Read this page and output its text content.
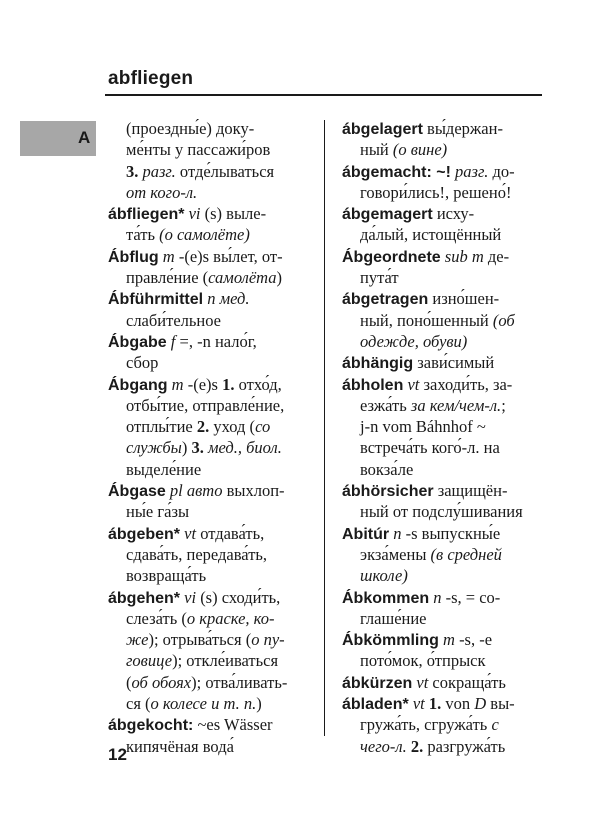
abfliegen
A	(проездны́е) доку-
ме́нты у пассажи́ров
3. разг. отде́лываться
от кого-л.
ábfliegen* vi (s) выле-
та́ть (о самолёте)
Ábflug m -(e)s вы́лет, от-
правле́ние (самолёта)
Ábführmittel n мед.
слаби́тельное
Ábgabe f =, -n нало́г,
сбор
Ábgang m -(e)s 1. отхо́д,
отбы́тие, отправле́ние,
отплы́тие 2. уход (со
службы) 3. мед., биол.
выделе́ние
Ábgase pl авто выхлоп-
ны́е га́зы
ábgeben* vt отдава́ть,
сдава́ть, передава́ть,
возвраща́ть
ábgehen* vi (s) сходи́ть,
слеза́ть (о краске, ко-
же); отрыва́ться (о пу-
говице); откле́иваться
(об обоях); отва́ливать-
ся (о колесе и т. п.)
ábgekocht: ~es Wässer
кипячёная вода́
ábgelagert вы́держан-
ный (о вине)
ábgemacht: ~! разг. до-
говори́лись!, решено́!
ábgemagert исху-
да́лый, истощённый
Ábgeordnete sub m де-
пута́т
ábgetragen изно́шен-
ный, поно́шенный (об
одежде, обуви)
ábhängig зави́симый
ábholen vt заходи́ть, за-
езжа́ть за кем/чем-л.;
j-n vom Báhnhof ~
встреча́ть кого́-л. на
вокза́ле
ábhörsicher защищён-
ный от подслу́шивания
Abitúr n -s выпускны́е
экза́мены (в средней
школе)
Ábkommen n -s, = со-
глаше́ние
Ábkömmling m -s, -e
пото́мок, о́тпрыск
ábkürzen vt сокраща́ть
ábladen* vt 1. von D вы-
гружа́ть, сгружа́ть с
чего-л. 2. разгружа́ть
12
